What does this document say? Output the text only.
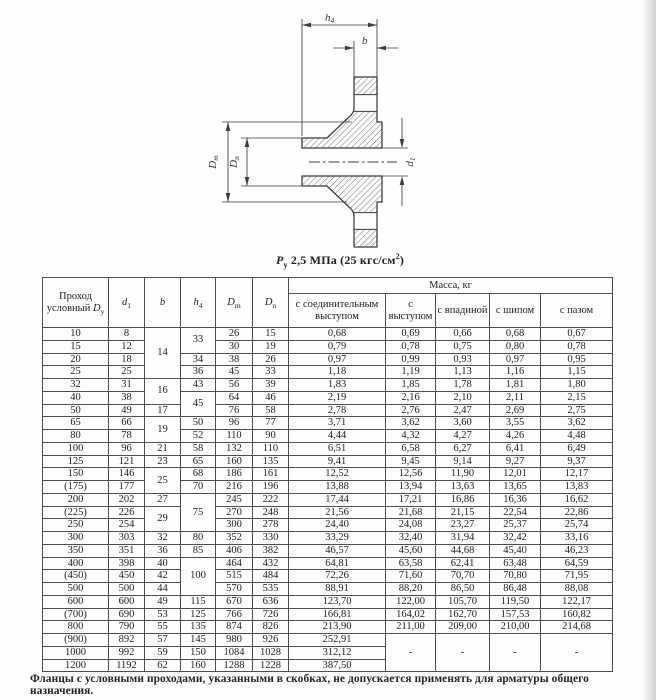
h4
b
Dm
Dn
d1
$P_у$ 2,5 МПа (25 кгс/$см^2$)
Проход
условный $D_у$	$d_1$	b	$h_4$	$D_m$	$D_n$	Масса, кг				
						с соединительным выступом	с выступом	с впадиной	с шипом	с пазом
10	8	14	33	26	15	0,68	0,69	0,66	0,68	0,67
15	12			30	19	0,79	0,78	0,75	0,80	0,78
20	18		34	38	26	0,97	0,99	0,93	0,97	0,95
25	25		36	45	33	1,18	1,19	1,13	1,16	1,15
32	31	16	43	56	39	1,83	1,85	1,78	1,81	1,80
40	38		45	64	46	2,19	2,16	2,10	2,11	2,15
50	49	17		76	58	2,78	2,76	2,47	2,69	2,75
65	66	19	50	96	77	3,71	3,62	3,60	3,55	3,62
80	78		52	110	90	4,44	4,32	4,27	4,26	4,48
100	96	21	58	132	110	6,51	6,58	6,27	6,41	6,49
125	121	23	65	160	135	9,41	9,45	9,14	9,27	9,37
150	146	25	68	186	161	12,52	12,56	11,90	12,01	12,17
(175)	177		70	216	196	13,88	13,94	13,63	13,65	13,83
200	202	27	75	245	222	17,44	17,21	16,86	16,36	16,62
(225)	226	29		270	248	21,56	21,68	21,15	22,54	22,86
250	254			300	278	24,40	24,08	23,27	25,37	25,74
300	303	32	80	352	330	33,29	32,40	31,94	32,42	33,16
350	351	36	85	406	382	46,57	45,60	44,68	45,40	46,23
400	398	40	100	464	432	64,81	63,58	62,41	63,48	64,59
(450)	450	42		515	484	72,26	71,60	70,70	70,80	71,95
500	500	44		570	535	88,91	88,20	86,50	86,48	88,08
600	600	49	115	670	636	123,70	122,00	105,70	119,50	122,17
(700)	690	53	125	766	726	166,81	164,02	162,70	157,53	160,82
800	790	55	135	874	826	213,90	211,00	209,00	210,00	214,68
(900)	892	57	145	980	926	252,91	-	-	-	-
1000	992	59	150	1084	1028	312,12				
1200	1192	62	160	1288	1228	387,50				
Фланцы с условными проходами, указанными в скобках, не допускается применять для арматуры общего назначения.
